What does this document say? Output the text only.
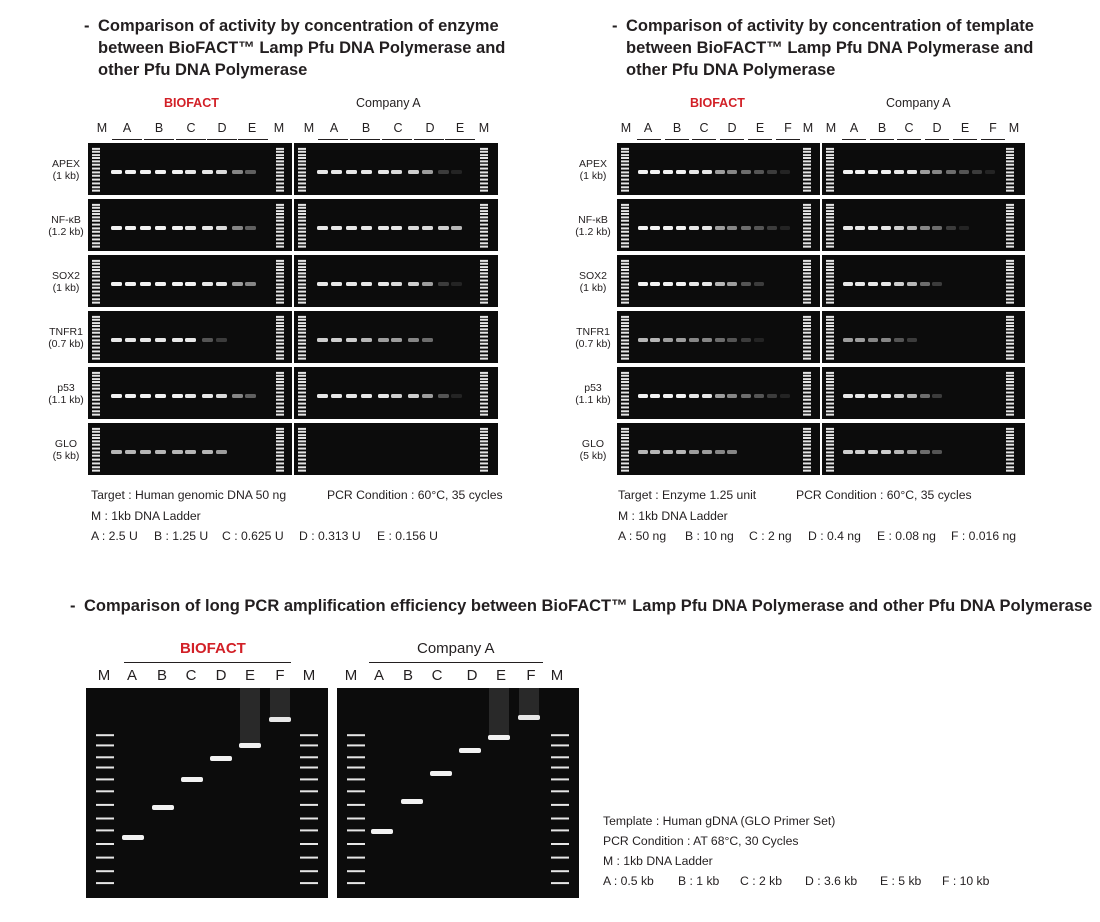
- Comparison of activity by concentration of enzyme
between BioFACT™ Lamp Pfu DNA Polymerase and
other Pfu DNA Polymerase
BIOFACT	Company A
M	A	B	C D	E	M M	A	B	C D	E	M
APEX
(1 kb)
NF-κB
(1.2 kb)
SOX2
(1 kb)
TNFR1
(0.7 kb)
p53
(1.1 kb)
GLO
(5 kb)
Target : Human genomic DNA 50 ng	PCR Condition : 60°C, 35 cycles
M : 1kb DNA Ladder
A : 2.5 U B : 1.25 U C : 0.625 U D : 0.313 U E : 0.156 U
- Comparison of activity by concentration of template
between BioFACT™ Lamp Pfu DNA Polymerase and
other Pfu DNA Polymerase
BIOFACT	Company A
M	A	B	C D	E	F M M	A	B	C D	E	F M
APEX
(1 kb)
NF-κB
(1.2 kb)
SOX2
(1 kb)
TNFR1
(0.7 kb)
p53
(1.1 kb)
GLO
(5 kb)
Target : Enzyme 1.25 unit	PCR Condition : 60°C, 35 cycles
M : 1kb DNA Ladder
A : 50 ng B : 10 ng C : 2 ng D : 0.4 ng E : 0.08 ng F : 0.016 ng
- Comparison of long PCR amplification efficiency between BioFACT™ Lamp Pfu DNA Polymerase and other Pfu DNA Polymerase
BIOFACT	Company A
M A B C D E F M M A B C D E F M
Template : Human gDNA (GLO Primer Set)
PCR Condition : AT 68°C, 30 Cycles
M : 1kb DNA Ladder
A : 0.5 kb B : 1 kb C : 2 kb D : 3.6 kb E : 5 kb F : 10 kb
